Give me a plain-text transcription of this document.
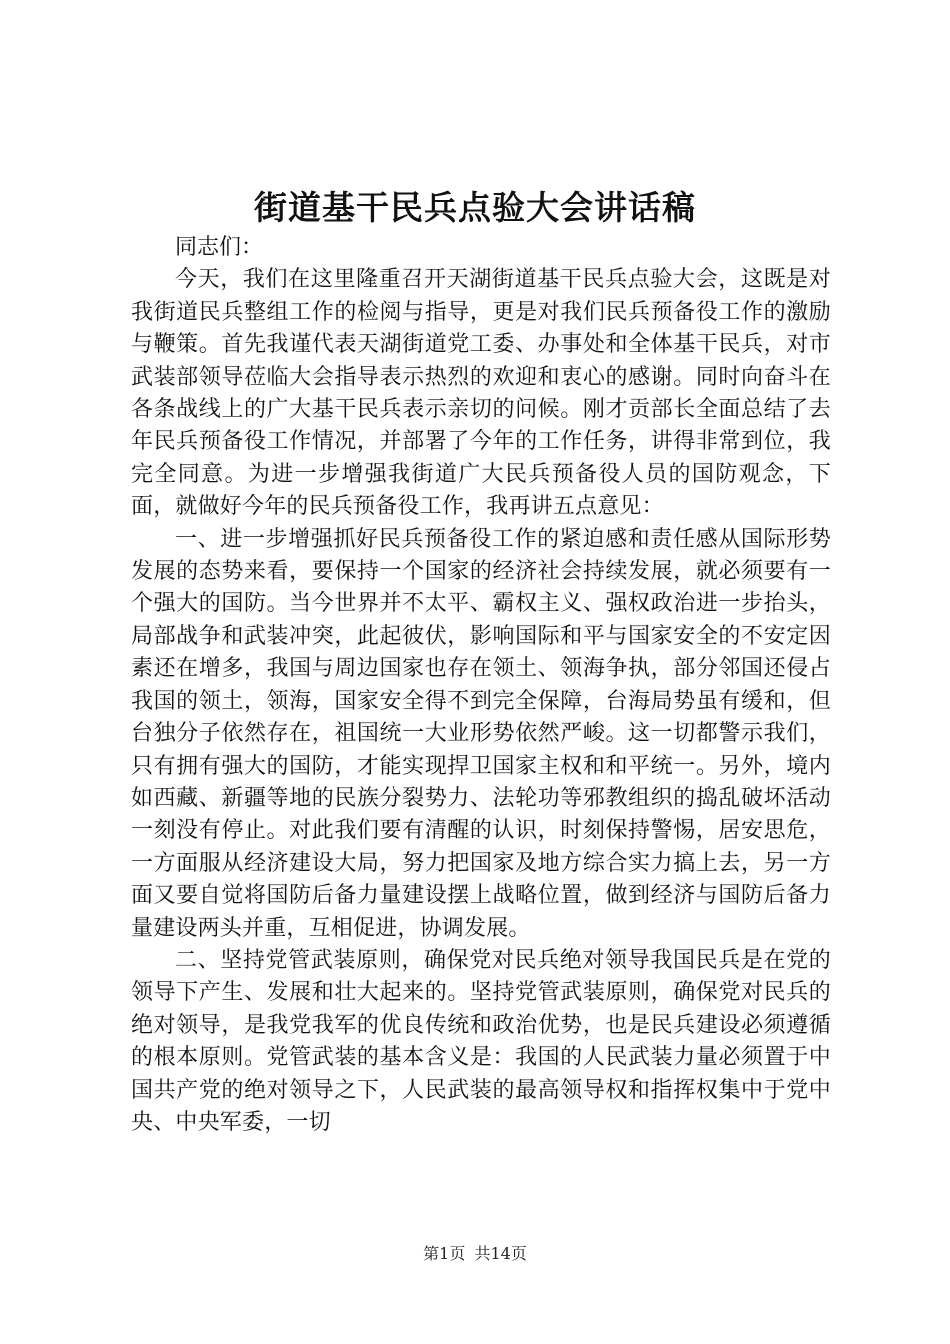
街道基干民兵点验大会讲话稿

同志们：

今天，我们在这里隆重召开天湖街道基干民兵点验大会，这既是对我街道民兵整组工作的检阅与指导，更是对我们民兵预备役工作的激励与鞭策。首先我谨代表天湖街道党工委、办事处和全体基干民兵，对市武装部领导莅临大会指导表示热烈的欢迎和衷心的感谢。同时向奋斗在各条战线上的广大基干民兵表示亲切的问候。刚才贡部长全面总结了去年民兵预备役工作情况，并部署了今年的工作任务，讲得非常到位，我完全同意。为进一步增强我街道广大民兵预备役人员的国防观念，下面，就做好今年的民兵预备役工作，我再讲五点意见：

一、进一步增强抓好民兵预备役工作的紧迫感和责任感从国际形势发展的态势来看，要保持一个国家的经济社会持续发展，就必须要有一个强大的国防。当今世界并不太平、霸权主义、强权政治进一步抬头，局部战争和武装冲突，此起彼伏，影响国际和平与国家安全的不安定因素还在增多，我国与周边国家也存在领土、领海争执，部分邻国还侵占我国的领土，领海，国家安全得不到完全保障，台海局势虽有缓和，但台独分子依然存在，祖国统一大业形势依然严峻。这一切都警示我们，只有拥有强大的国防，才能实现捍卫国家主权和和平统一。另外，境内如西藏、新疆等地的民族分裂势力、法轮功等邪教组织的捣乱破坏活动一刻没有停止。对此我们要有清醒的认识，时刻保持警惕，居安思危，一方面服从经济建设大局，努力把国家及地方综合实力搞上去，另一方面又要自觉将国防后备力量建设摆上战略位置，做到经济与国防后备力量建设两头并重，互相促进，协调发展。

二、坚持党管武装原则，确保党对民兵绝对领导我国民兵是在党的领导下产生、发展和壮大起来的。坚持党管武装原则，确保党对民兵的绝对领导，是我党我军的优良传统和政治优势，也是民兵建设必须遵循的根本原则。党管武装的基本含义是：我国的人民武装力量必须置于中国共产党的绝对领导之下，人民武装的最高领导权和指挥权集中于党中央、中央军委，一切

第1页 共14页
